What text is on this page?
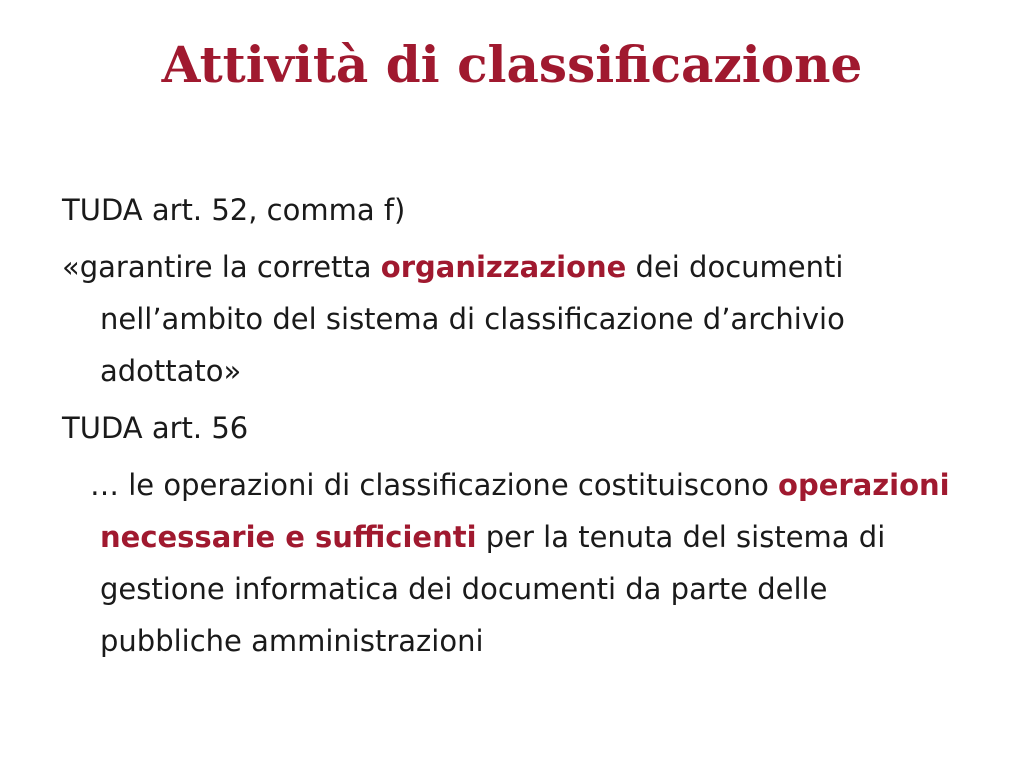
Attività di classificazione

TUDA art. 52, comma f)

«garantire la corretta organizzazione dei documenti nell’ambito del sistema di classificazione d’archivio adottato»

TUDA art. 56

… le operazioni di classificazione costituiscono operazioni necessarie e sufficienti per la tenuta del sistema di gestione informatica dei documenti da parte delle pubbliche amministrazioni
